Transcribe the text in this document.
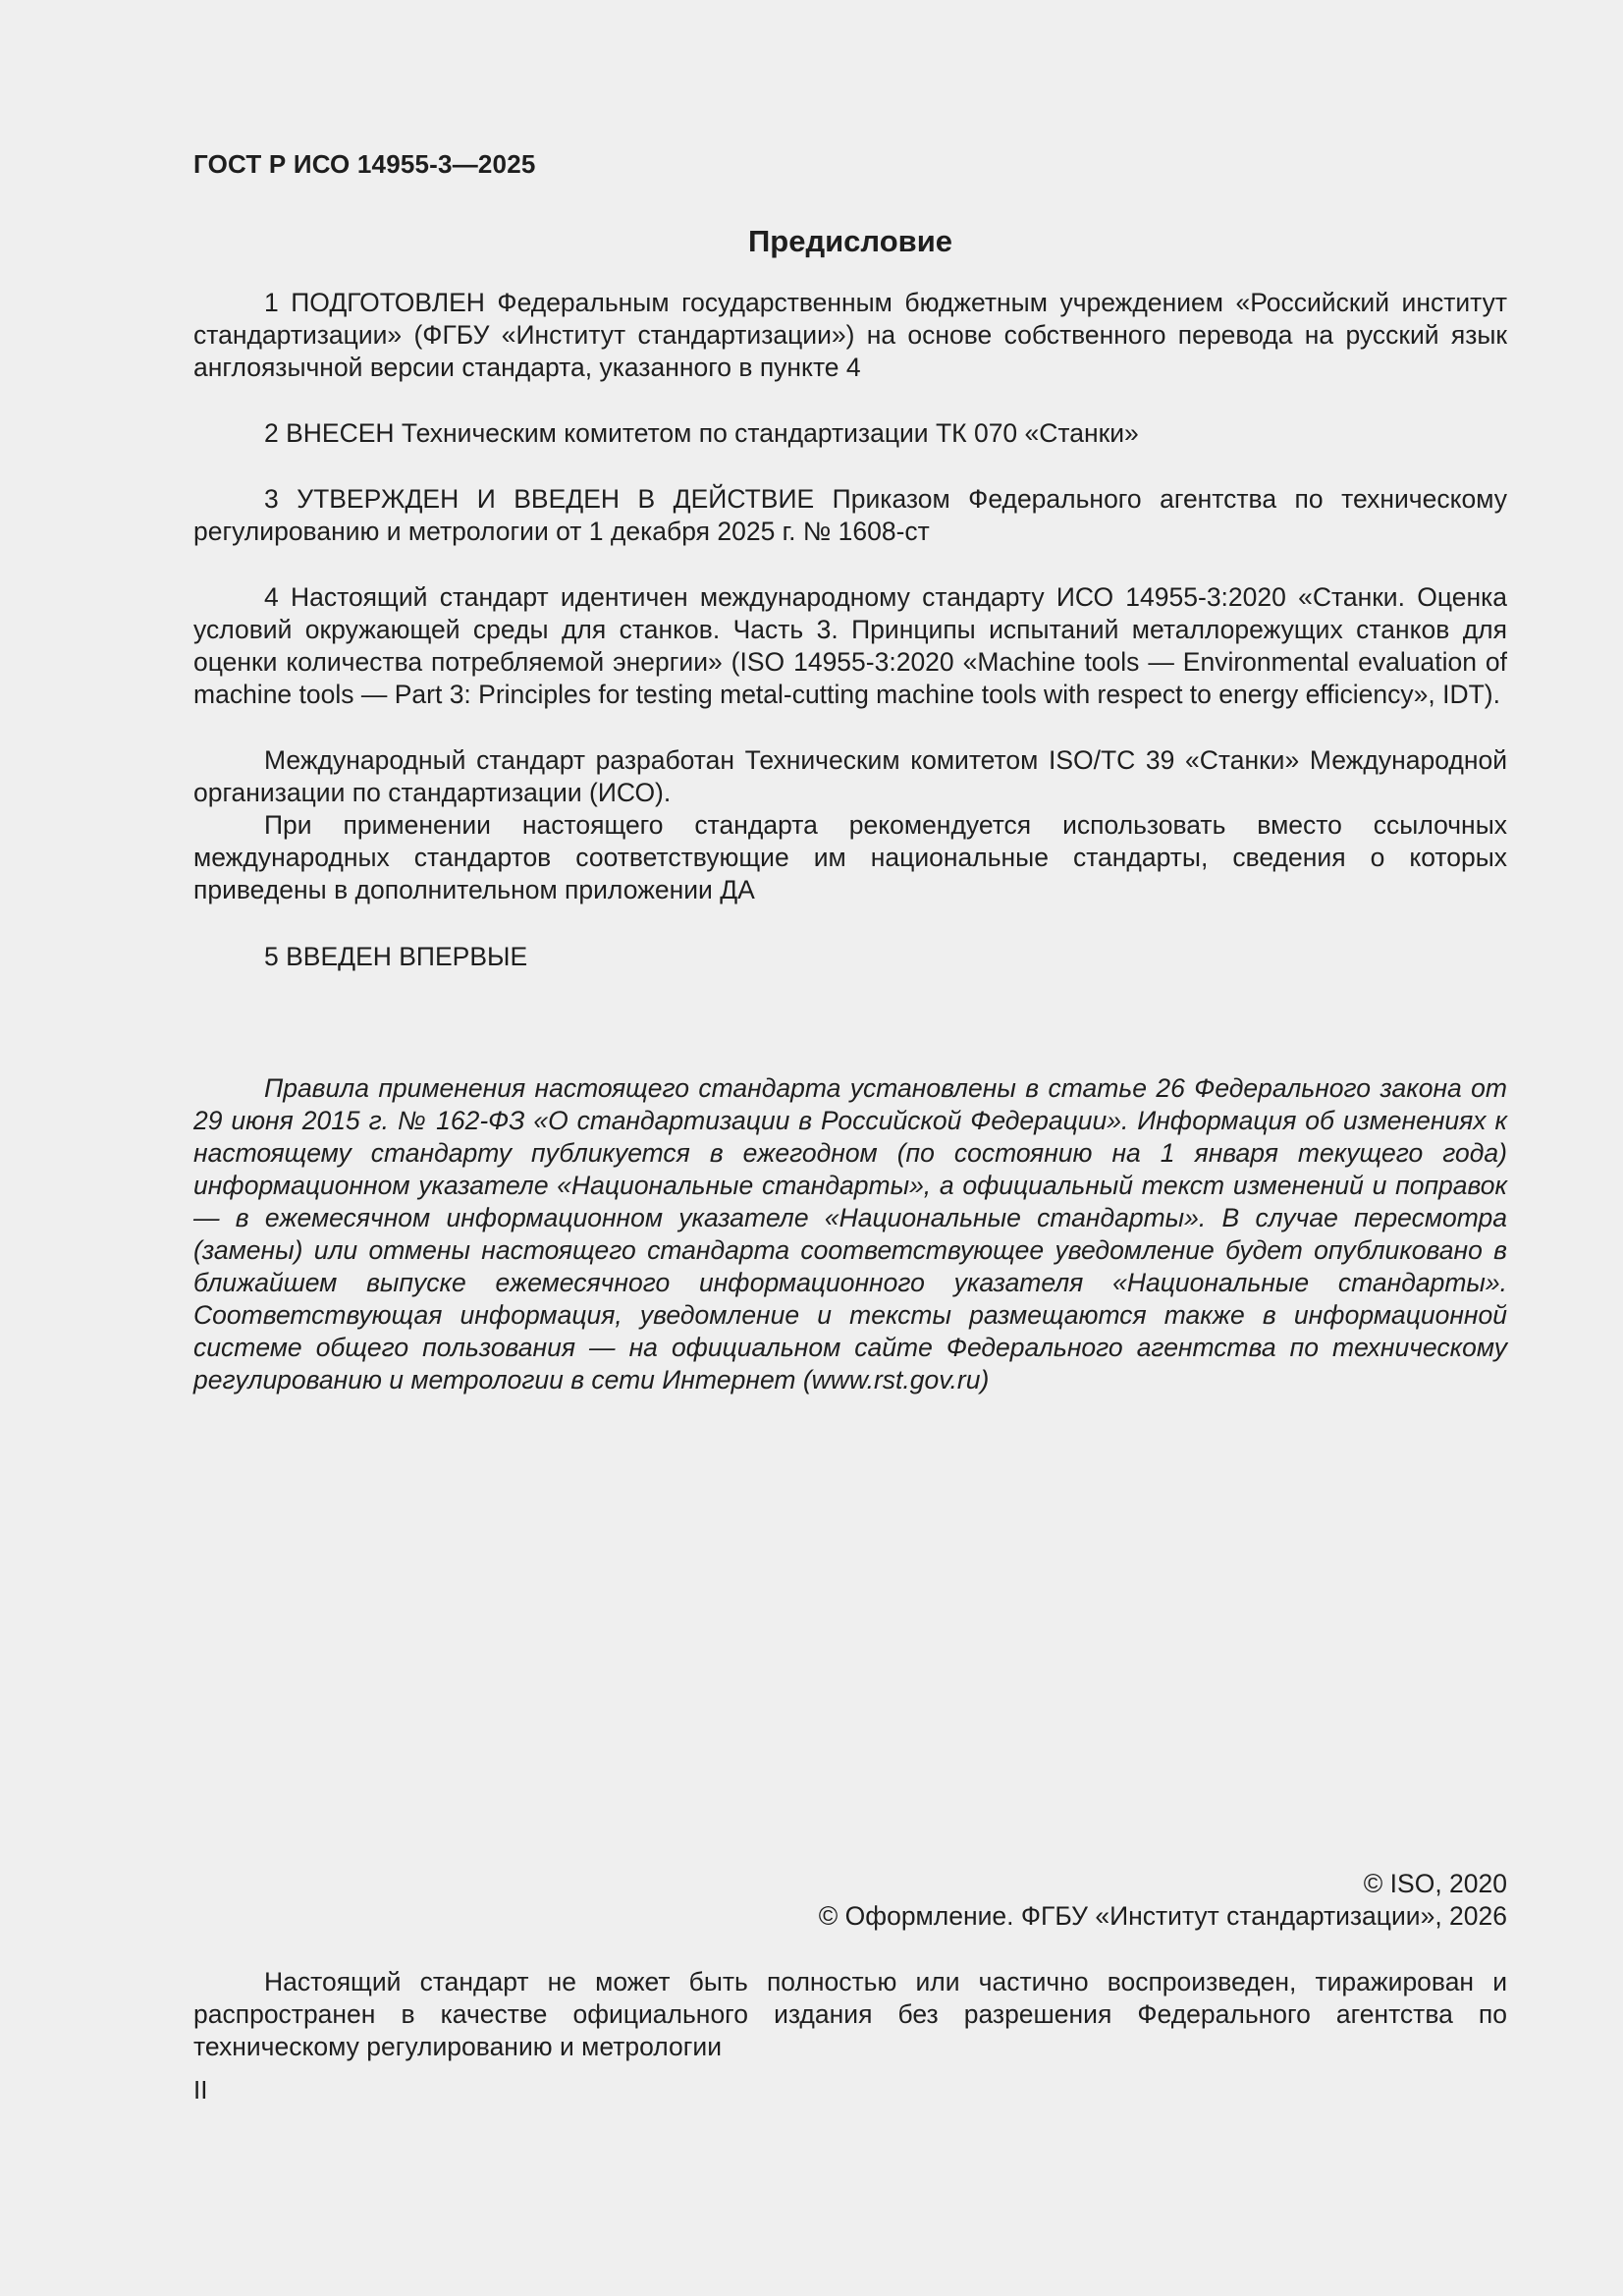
ГОСТ Р ИСО 14955-3—2025
Предисловие

1 ПОДГОТОВЛЕН Федеральным государственным бюджетным учреждением «Российский институт стандартизации» (ФГБУ «Институт стандартизации») на основе собственного перевода на русский язык англоязычной версии стандарта, указанного в пункте 4

2 ВНЕСЕН Техническим комитетом по стандартизации ТК 070 «Станки»

3 УТВЕРЖДЕН И ВВЕДЕН В ДЕЙСТВИЕ Приказом Федерального агентства по техническому регулированию и метрологии от 1 декабря 2025 г. № 1608-ст

4 Настоящий стандарт идентичен международному стандарту ИСО 14955-3:2020 «Станки. Оценка условий окружающей среды для станков. Часть 3. Принципы испытаний металлорежущих станков для оценки количества потребляемой энергии» (ISO 14955-3:2020 «Machine tools — Environmental evaluation of machine tools — Part 3: Principles for testing metal-cutting machine tools with respect to energy efficiency», IDT).

Международный стандарт разработан Техническим комитетом ISO/TC 39 «Станки» Международной организации по стандартизации (ИСО).

При применении настоящего стандарта рекомендуется использовать вместо ссылочных международных стандартов соответствующие им национальные стандарты, сведения о которых приведены в дополнительном приложении ДА

5 ВВЕДЕН ВПЕРВЫЕ

Правила применения настоящего стандарта установлены в статье 26 Федерального закона от 29 июня 2015 г. № 162-ФЗ «О стандартизации в Российской Федерации». Информация об изменениях к настоящему стандарту публикуется в ежегодном (по состоянию на 1 января текущего года) информационном указателе «Национальные стандарты», а официальный текст изменений и поправок — в ежемесячном информационном указателе «Национальные стандарты». В случае пересмотра (замены) или отмены настоящего стандарта соответствующее уведомление будет опубликовано в ближайшем выпуске ежемесячного информационного указателя «Национальные стандарты». Соответствующая информация, уведомление и тексты размещаются также в информационной системе общего пользования — на официальном сайте Федерального агентства по техническому регулированию и метрологии в сети Интернет (www.rst.gov.ru)

© ISO, 2020

© Оформление. ФГБУ «Институт стандартизации», 2026

Настоящий стандарт не может быть полностью или частично воспроизведен, тиражирован и распространен в качестве официального издания без разрешения Федерального агентства по техническому регулированию и метрологии

II
